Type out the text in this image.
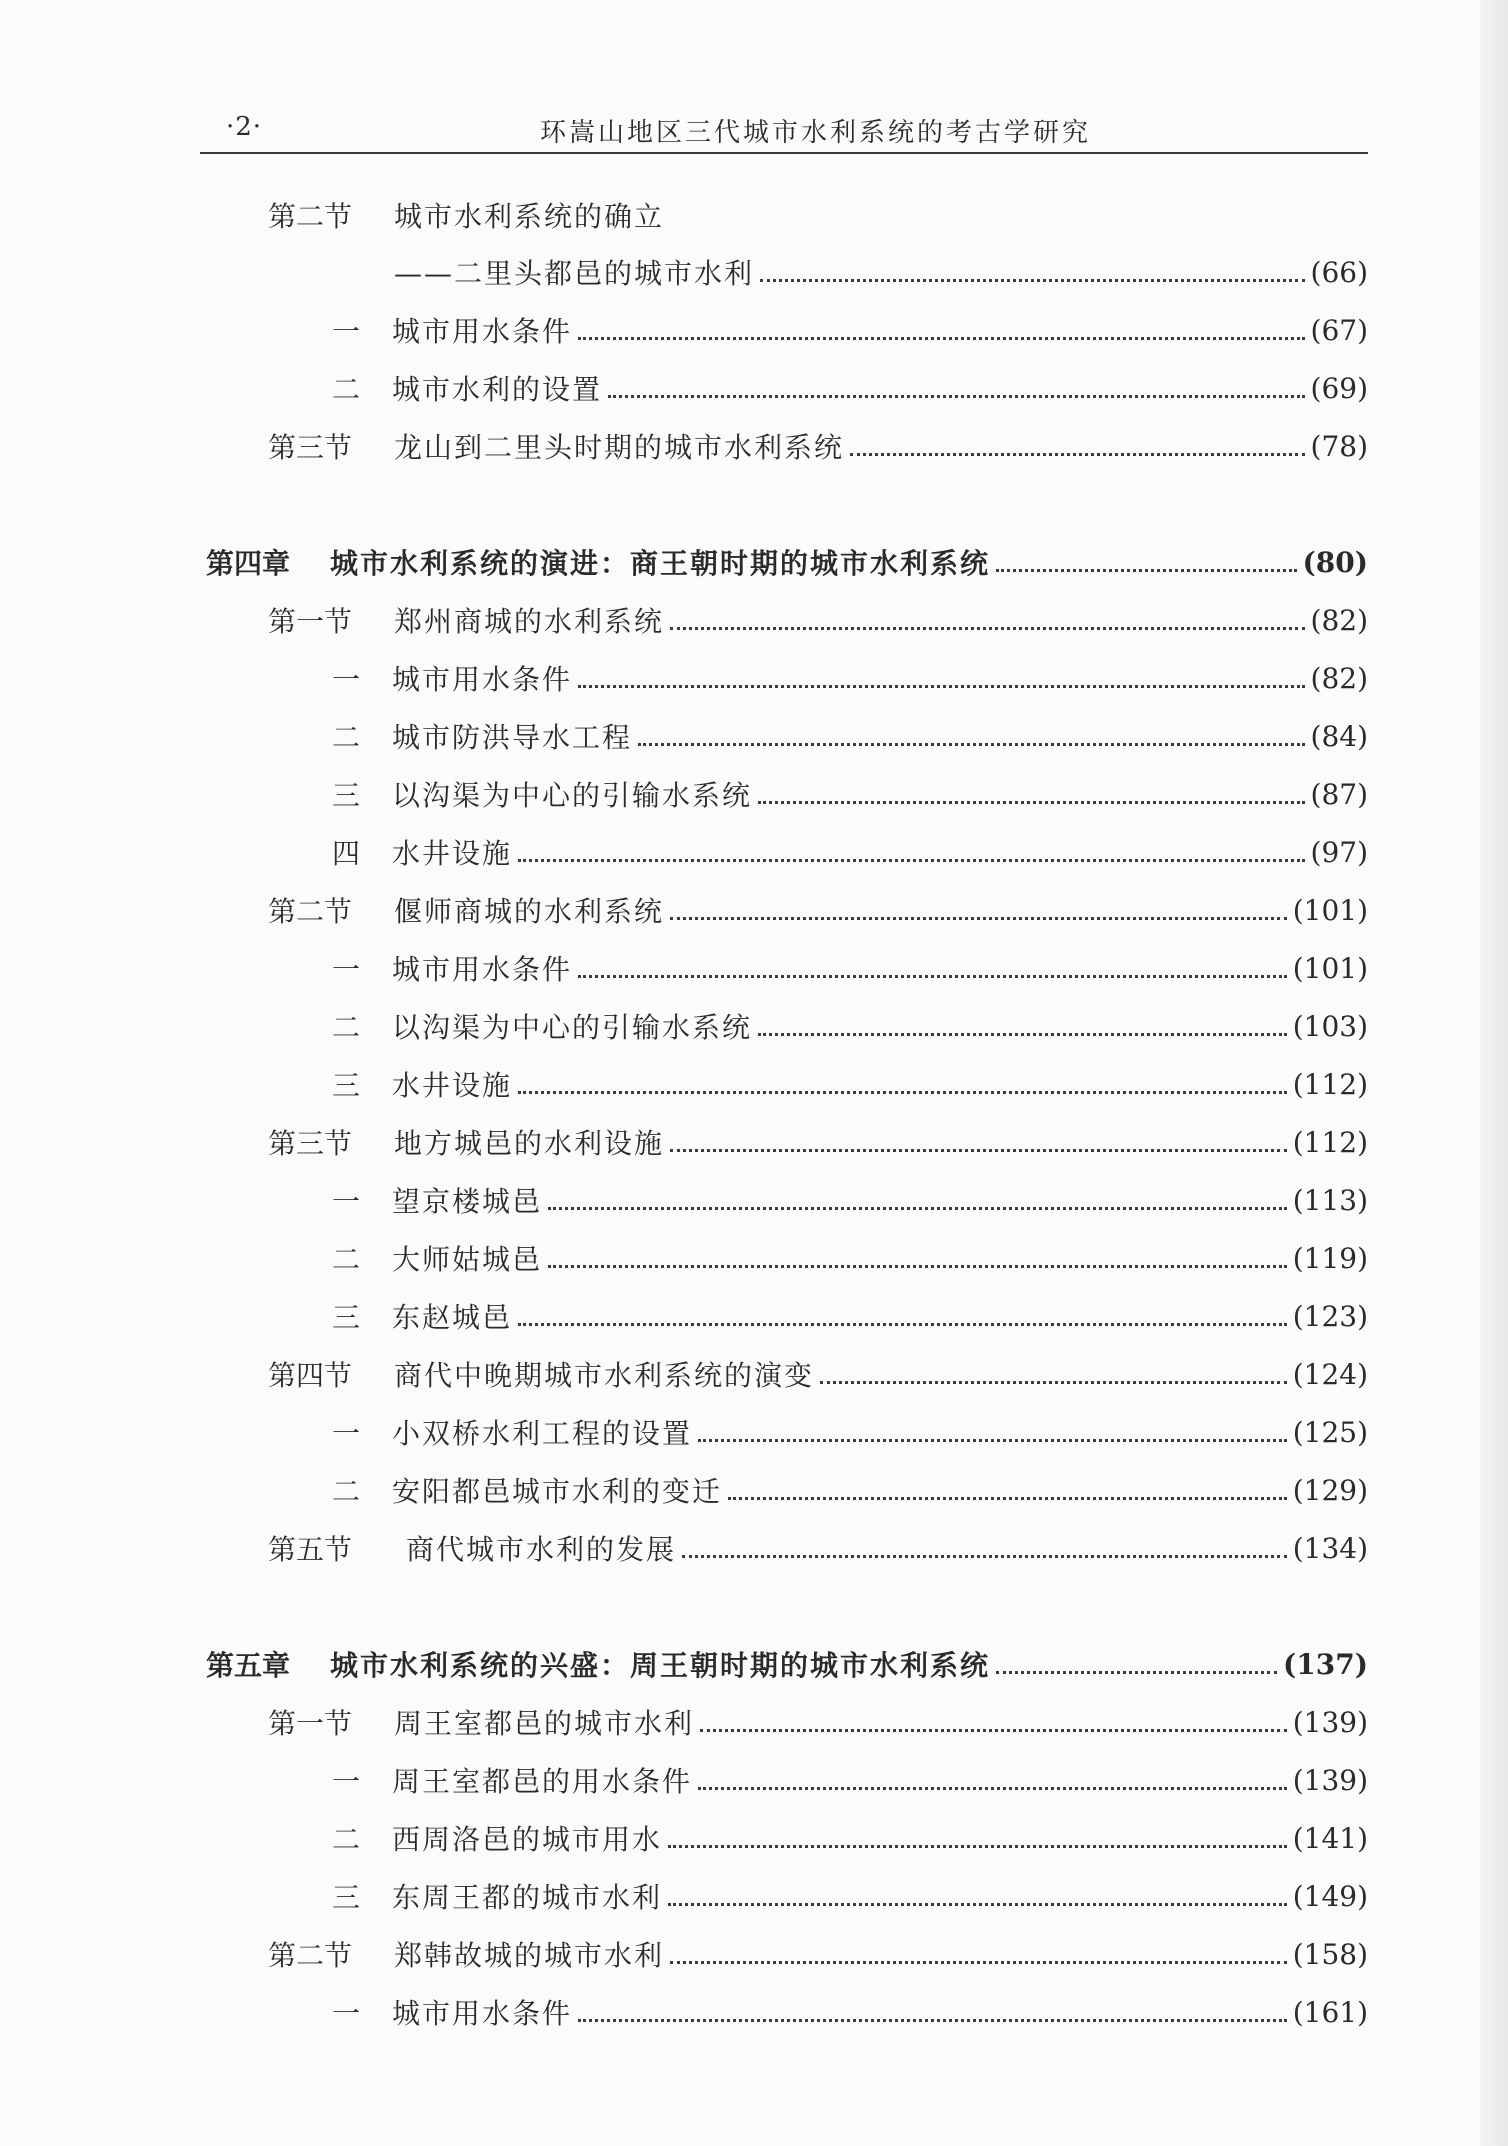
·2·	环嵩山地区三代城市水利系统的考古学研究
第二节	城市水利系统的确立
——二里头都邑的城市水利	(66)
一	城市用水条件	(67)
二	城市水利的设置	(69)
第三节	龙山到二里头时期的城市水利系统	(78)
第四章	城市水利系统的演进：商王朝时期的城市水利系统	(80)
第一节	郑州商城的水利系统	(82)
一	城市用水条件	(82)
二	城市防洪导水工程	(84)
三	以沟渠为中心的引输水系统	(87)
四	水井设施	(97)
第二节	偃师商城的水利系统	(101)
一	城市用水条件	(101)
二	以沟渠为中心的引输水系统	(103)
三	水井设施	(112)
第三节	地方城邑的水利设施	(112)
一	望京楼城邑	(113)
二	大师姑城邑	(119)
三	东赵城邑	(123)
第四节	商代中晚期城市水利系统的演变	(124)
一	小双桥水利工程的设置	(125)
二	安阳都邑城市水利的变迁	(129)
第五节	商代城市水利的发展	(134)
第五章	城市水利系统的兴盛：周王朝时期的城市水利系统	(137)
第一节	周王室都邑的城市水利	(139)
一	周王室都邑的用水条件	(139)
二	西周洛邑的城市用水	(141)
三	东周王都的城市水利	(149)
第二节	郑韩故城的城市水利	(158)
一	城市用水条件	(161)
